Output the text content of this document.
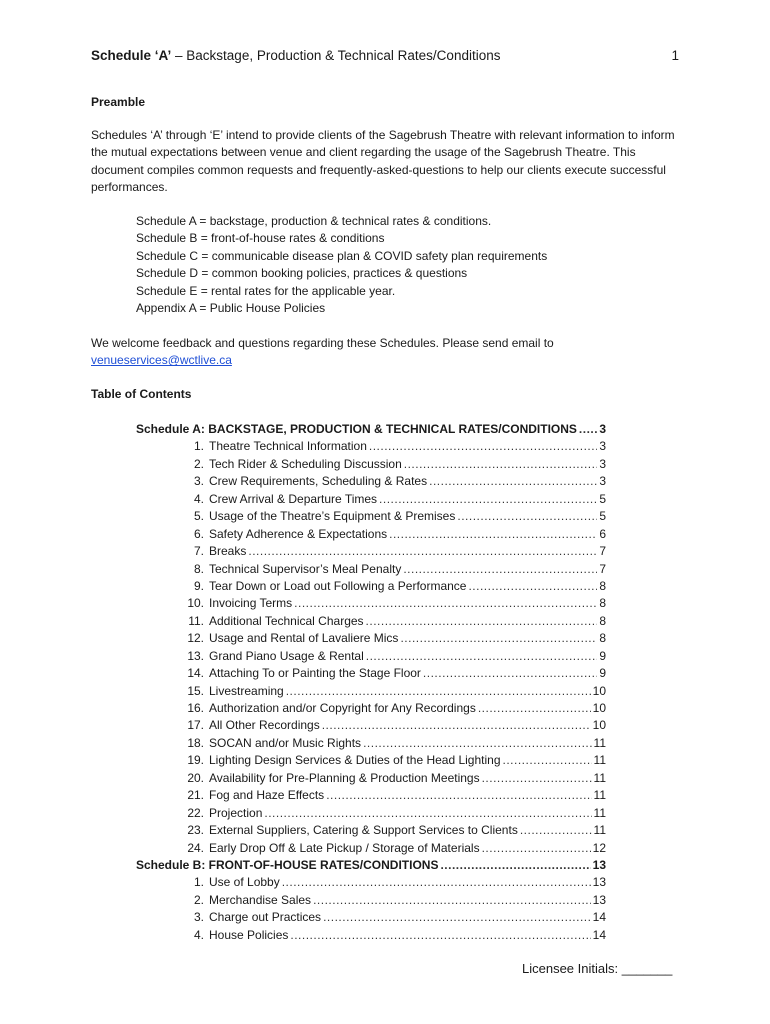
Schedule ‘A’ – Backstage, Production & Technical Rates/Conditions	1
Preamble
Schedules ‘A’ through ‘E’ intend to provide clients of the Sagebrush Theatre with relevant information to inform the mutual expectations between venue and client regarding the usage of the Sagebrush Theatre. This document compiles common requests and frequently-asked-questions to help our clients execute successful performances.
Schedule A = backstage, production & technical rates & conditions.
Schedule B = front-of-house rates & conditions
Schedule C = communicable disease plan & COVID safety plan requirements
Schedule D = common booking policies, practices & questions
Schedule E = rental rates for the applicable year.
Appendix A = Public House Policies
We welcome feedback and questions regarding these Schedules. Please send email to
venueservices@wctlive.ca
Table of Contents
Schedule A: BACKSTAGE, PRODUCTION & TECHNICAL RATES/CONDITIONS ..... 3
1. Theatre Technical Information .....	3
2. Tech Rider & Scheduling Discussion .....	3
3. Crew Requirements, Scheduling & Rates .....	3
4. Crew Arrival & Departure Times .....	5
5. Usage of the Theatre’s Equipment & Premises .....	5
6. Safety Adherence & Expectations .....	6
7. Breaks .....	7
8. Technical Supervisor’s Meal Penalty .....	7
9. Tear Down or Load out Following a Performance .....	8
10. Invoicing Terms .....	8
11. Additional Technical Charges .....	8
12. Usage and Rental of Lavaliere Mics .....	8
13. Grand Piano Usage & Rental .....	9
14. Attaching To or Painting the Stage Floor .....	9
15. Livestreaming .....	10
16. Authorization and/or Copyright for Any Recordings .....	10
17. All Other Recordings .....	10
18. SOCAN and/or Music Rights .....	11
19. Lighting Design Services & Duties of the Head Lighting .....	11
20. Availability for Pre-Planning & Production Meetings .....	11
21. Fog and Haze Effects .....	11
22. Projection .....	11
23. External Suppliers, Catering & Support Services to Clients .....	11
24. Early Drop Off & Late Pickup / Storage of Materials .....	12
Schedule B: FRONT-OF-HOUSE RATES/CONDITIONS .....	13
1. Use of Lobby .....	13
2. Merchandise Sales .....	13
3. Charge out Practices .....	14
4. House Policies .....	14
Licensee Initials: _______
